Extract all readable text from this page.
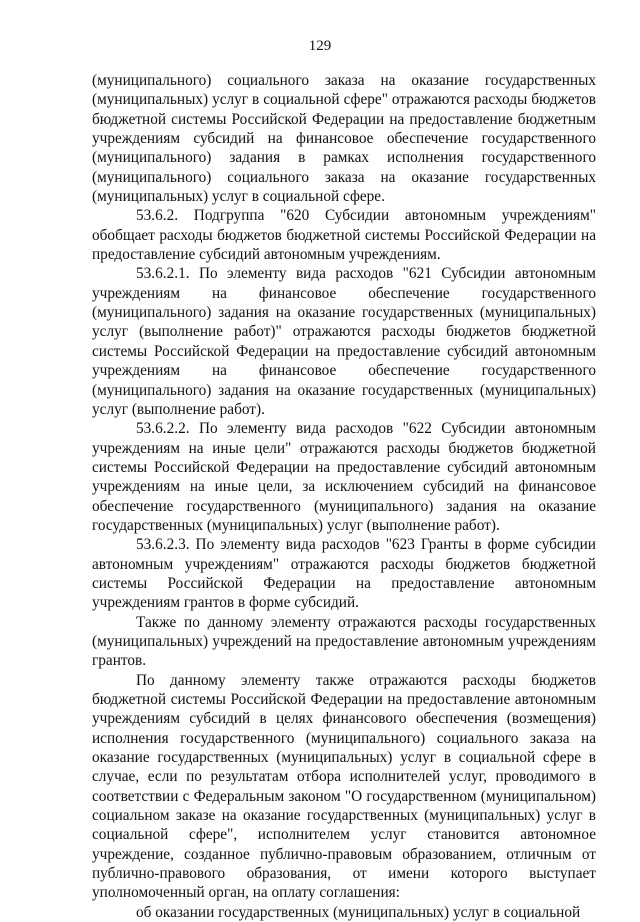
129

(муниципального) социального заказа на оказание государственных (муниципальных) услуг в социальной сфере" отражаются расходы бюджетов бюджетной системы Российской Федерации на предоставление бюджетным учреждениям субсидий на финансовое обеспечение государственного (муниципального) задания в рамках исполнения государственного (муниципального) социального заказа на оказание государственных (муниципальных) услуг в социальной сфере.

53.6.2. Подгруппа "620 Субсидии автономным учреждениям" обобщает расходы бюджетов бюджетной системы Российской Федерации на предоставление субсидий автономным учреждениям.

53.6.2.1. По элементу вида расходов "621 Субсидии автономным учреждениям на финансовое обеспечение государственного (муниципального) задания на оказание государственных (муниципальных) услуг (выполнение работ)" отражаются расходы бюджетов бюджетной системы Российской Федерации на предоставление субсидий автономным учреждениям на финансовое обеспечение государственного (муниципального) задания на оказание государственных (муниципальных) услуг (выполнение работ).

53.6.2.2. По элементу вида расходов "622 Субсидии автономным учреждениям на иные цели" отражаются расходы бюджетов бюджетной системы Российской Федерации на предоставление субсидий автономным учреждениям на иные цели, за исключением субсидий на финансовое обеспечение государственного (муниципального) задания на оказание государственных (муниципальных) услуг (выполнение работ).

53.6.2.3. По элементу вида расходов "623 Гранты в форме субсидии автономным учреждениям" отражаются расходы бюджетов бюджетной системы Российской Федерации на предоставление автономным учреждениям грантов в форме субсидий.

Также по данному элементу отражаются расходы государственных (муниципальных) учреждений на предоставление автономным учреждениям грантов.

По данному элементу также отражаются расходы бюджетов бюджетной системы Российской Федерации на предоставление автономным учреждениям субсидий в целях финансового обеспечения (возмещения) исполнения государственного (муниципального) социального заказа на оказание государственных (муниципальных) услуг в социальной сфере в случае, если по результатам отбора исполнителей услуг, проводимого в соответствии с Федеральным законом "О государственном (муниципальном) социальном заказе на оказание государственных (муниципальных) услуг в социальной сфере", исполнителем услуг становится автономное учреждение, созданное публично-правовым образованием, отличным от публично-правового образования, от имени которого выступает уполномоченный орган, на оплату соглашения:

об оказании государственных (муниципальных) услуг в социальной
